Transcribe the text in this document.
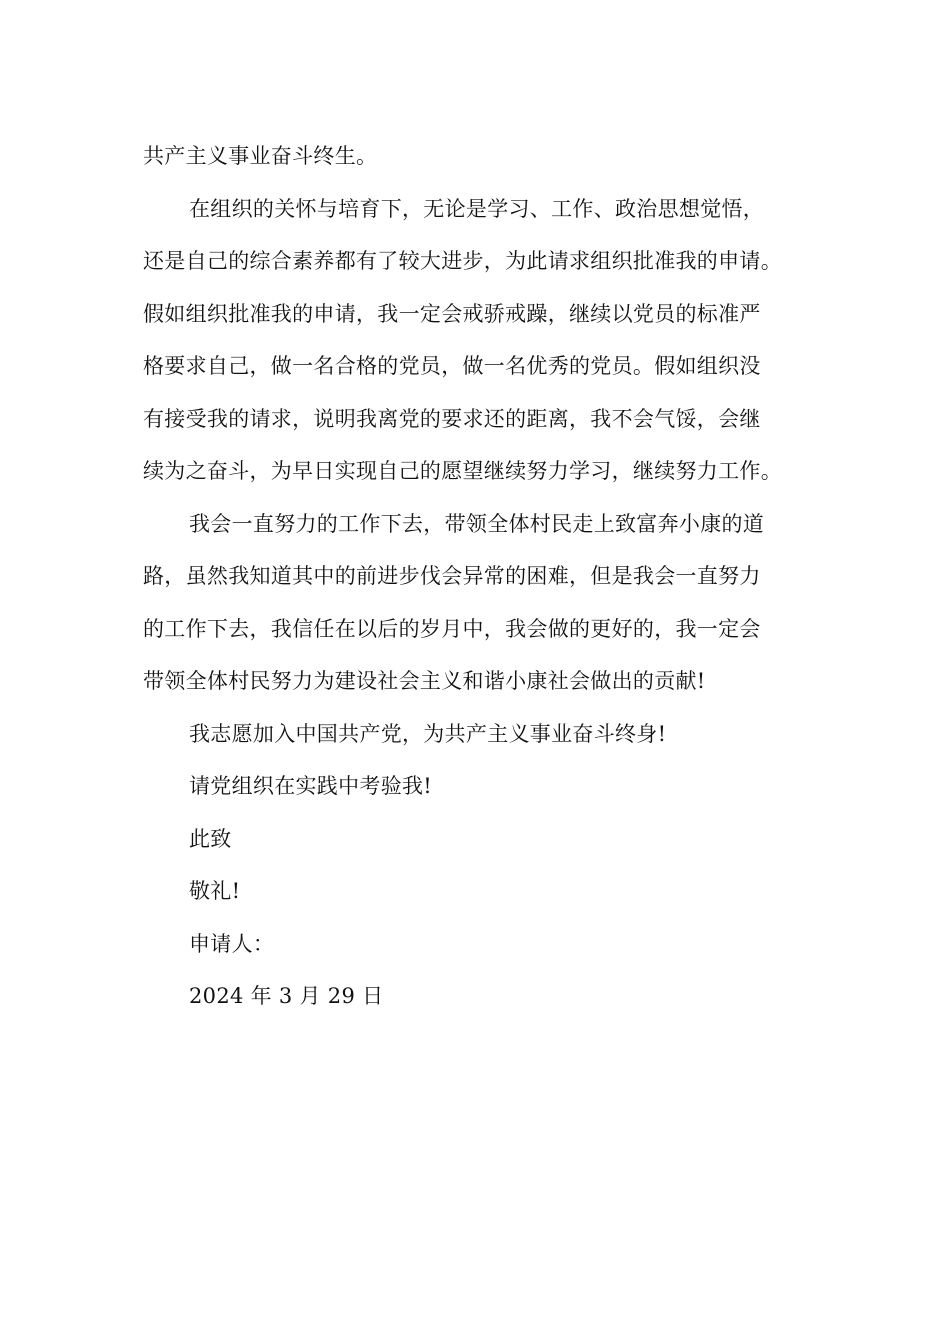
共产主义事业奋斗终生。
在组织的关怀与培育下，无论是学习、工作、政治思想觉悟，
还是自己的综合素养都有了较大进步，为此请求组织批准我的申请。
假如组织批准我的申请，我一定会戒骄戒躁，继续以党员的标准严
格要求自己，做一名合格的党员，做一名优秀的党员。假如组织没
有接受我的请求，说明我离党的要求还的距离，我不会气馁，会继
续为之奋斗，为早日实现自己的愿望继续努力学习，继续努力工作。
我会一直努力的工作下去，带领全体村民走上致富奔小康的道
路，虽然我知道其中的前进步伐会异常的困难，但是我会一直努力
的工作下去，我信任在以后的岁月中，我会做的更好的，我一定会
带领全体村民努力为建设社会主义和谐小康社会做出的贡献!
我志愿加入中国共产党，为共产主义事业奋斗终身!
请党组织在实践中考验我!
此致
敬礼!
申请人：
2024 年 3 月 29 日
